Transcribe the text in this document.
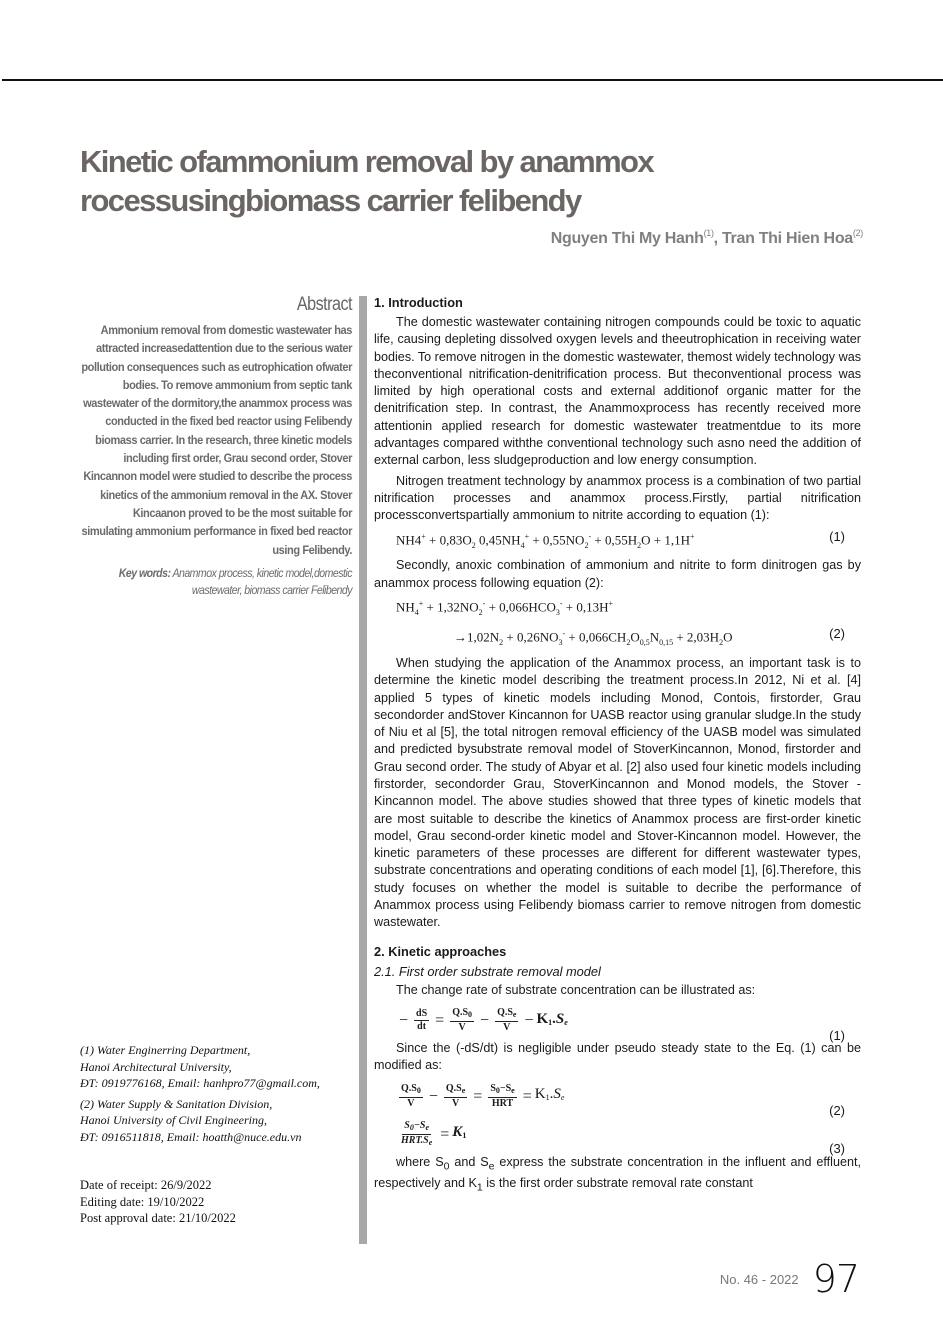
Kinetic ofammonium removal by anammox
rocessusingbiomass carrier felibendy
Nguyen Thi My Hanh$^{(1)}$, Tran Thi Hien Hoa$^{(2)}$
Abstract

Ammonium removal from domestic wastewater has attracted increasedattention due to the serious water pollution consequences such as eutrophication ofwater bodies. To remove ammonium from septic tank wastewater of the dormitory,the anammox process was conducted in the fixed bed reactor using Felibendy biomass carrier. In the research, three kinetic models including first order, Grau second order, Stover Kincannon model were studied to describe the process kinetics of the ammonium removal in the AX. Stover Kincaanon proved to be the most suitable for simulating ammonium performance in fixed bed reactor using Felibendy.

Key words: Anammox process, kinetic model,domestic wastewater, biomass carrier Felibendy

(1) Water Enginerring Department,
Hanoi Architectural University,
ĐT: 0919776168, Email: hanhpro77@gmail.com,

(2) Water Supply & Sanitation Division,
Hanoi University of Civil Engineering,
ĐT: 0916511818, Email: hoatth@nuce.edu.vn

Date of receipt: 26/9/2022
Editing date: 19/10/2022
Post approval date: 21/10/2022
1. Introduction

The domestic wastewater containing nitrogen compounds could be toxic to aquatic life, causing depleting dissolved oxygen levels and theeutrophication in receiving water bodies. To remove nitrogen in the domestic wastewater, themost widely technology was theconventional nitrification-denitrification process. But theconventional process was limited by high operational costs and external additionof organic matter for the denitrification step. In contrast, the Anammoxprocess has recently received more attentionin applied research for domestic wastewater treatmentdue to its more advantages compared withthe conventional technology such asno need the addition of external carbon, less sludgeproduction and low energy consumption.

Nitrogen treatment technology by anammox process is a combination of two partial nitrification processes and anammox process.Firstly, partial nitrification processconvertspartially ammonium to nitrite according to equation (1):

$NH4^+ + 0,83O_2$ $0,45NH_4^+ + 0,55NO_2^- + 0,55H_2O + 1,1H^+$	(1)

Secondly, anoxic combination of ammonium and nitrite to form dinitrogen gas by anammox process following equation (2):

$NH_4^+ + 1,32NO_2^- + 0,066HCO_3^- + 0,13H^+$
$\to 1,02N_2 + 0,26NO_3^- + 0,066CH_2O_{0,5}N_{0,15} + 2,03H_2O$	(2)

When studying the application of the Anammox process, an important task is to determine the kinetic model describing the treatment process.In 2012, Ni et al. [4] applied 5 types of kinetic models including Monod, Contois, firstorder, Grau secondorder andStover Kincannon for UASB reactor using granular sludge.In the study of Niu et al [5], the total nitrogen removal efficiency of the UASB model was simulated and predicted bysubstrate removal model of StoverKincannon, Monod, firstorder and Grau second order. The study of Abyar et al. [2] also used four kinetic models including firstorder, secondorder Grau, StoverKincannon and Monod models, the Stover - Kincannon model. The above studies showed that three types of kinetic models that are most suitable to describe the kinetics of Anammox process are first-order kinetic model, Grau second-order kinetic model and Stover-Kincannon model. However, the kinetic parameters of these processes are different for different wastewater types, substrate concentrations and operating conditions of each model [1], [6].Therefore, this study focuses on whether the model is suitable to decribe the performance of Anammox process using Felibendy biomass carrier to remove nitrogen from domestic wastewater.

2. Kinetic approaches
2.1. First order substrate removal model

The change rate of substrate concentration can be illustrated as:

− $\frac{dS}{dt} = \frac{Q.S_0}{V} - \frac{Q.S_e}{V} - K1.Se$
(1)

Since the (-dS/dt) is negligible under pseudo steady state to the Eq. (1) can be modified as:

$\frac{Q.S_0}{V} - \frac{Q.S_e}{V} = \frac{S_0-S_e}{\text{HRT}} = K1.Se$
(2)
$\frac{S_0-S_e}{HRT.S_e} = K1$
(3)

where $S_0$ and $S_e$ express the substrate concentration in the influent and effluent, respectively and $K_1$ is the first order substrate removal rate constant

$^{No. 46 - 2022}$ 97
